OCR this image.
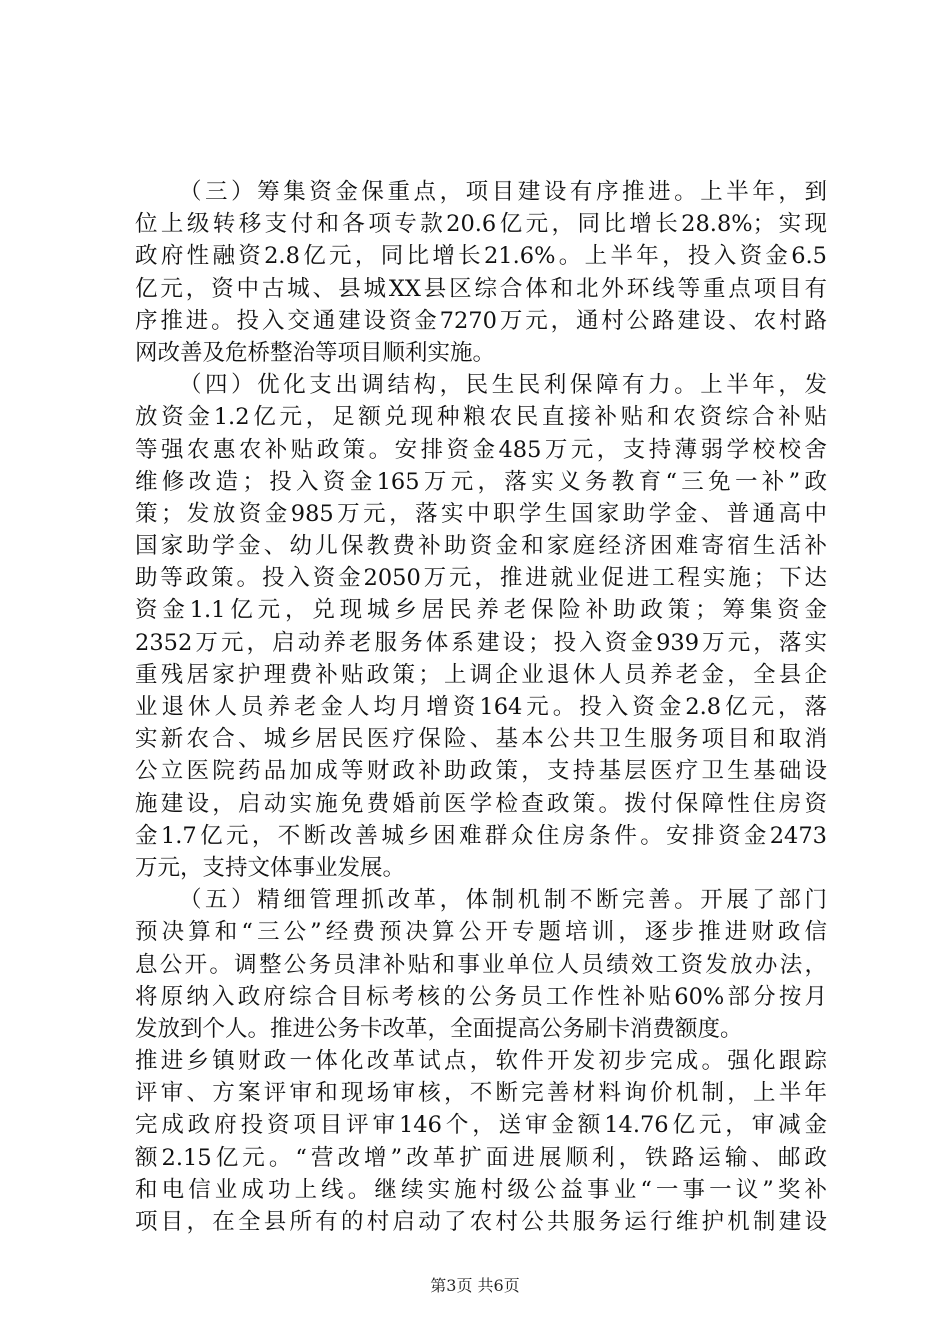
（三）筹集资金保重点，项目建设有序推进。上半年，到
位上级转移支付和各项专款20.6亿元，同比增长28.8%；实现
政府性融资2.8亿元，同比增长21.6%。上半年，投入资金6.5
亿元，资中古城、县城XX县区综合体和北外环线等重点项目有
序推进。投入交通建设资金7270万元，通村公路建设、农村路
网改善及危桥整治等项目顺利实施。
（四）优化支出调结构，民生民利保障有力。上半年，发
放资金1.2亿元，足额兑现种粮农民直接补贴和农资综合补贴
等强农惠农补贴政策。安排资金485万元，支持薄弱学校校舍
维修改造；投入资金165万元，落实义务教育“三免一补”政
策；发放资金985万元，落实中职学生国家助学金、普通高中
国家助学金、幼儿保教费补助资金和家庭经济困难寄宿生活补
助等政策。投入资金2050万元，推进就业促进工程实施；下达
资金1.1亿元，兑现城乡居民养老保险补助政策；筹集资金
2352万元，启动养老服务体系建设；投入资金939万元，落实
重残居家护理费补贴政策；上调企业退休人员养老金，全县企
业退休人员养老金人均月增资164元。投入资金2.8亿元，落
实新农合、城乡居民医疗保险、基本公共卫生服务项目和取消
公立医院药品加成等财政补助政策，支持基层医疗卫生基础设
施建设，启动实施免费婚前医学检查政策。拨付保障性住房资
金1.7亿元，不断改善城乡困难群众住房条件。安排资金2473
万元，支持文体事业发展。
（五）精细管理抓改革，体制机制不断完善。开展了部门
预决算和“三公”经费预决算公开专题培训，逐步推进财政信
息公开。调整公务员津补贴和事业单位人员绩效工资发放办法，
将原纳入政府综合目标考核的公务员工作性补贴60%部分按月
发放到个人。推进公务卡改革，全面提高公务刷卡消费额度。
推进乡镇财政一体化改革试点，软件开发初步完成。强化跟踪
评审、方案评审和现场审核，不断完善材料询价机制，上半年
完成政府投资项目评审146个，送审金额14.76亿元，审减金
额2.15亿元。“营改增”改革扩面进展顺利，铁路运输、邮政
和电信业成功上线。继续实施村级公益事业“一事一议”奖补
项目，在全县所有的村启动了农村公共服务运行维护机制建设
第3页 共6页
